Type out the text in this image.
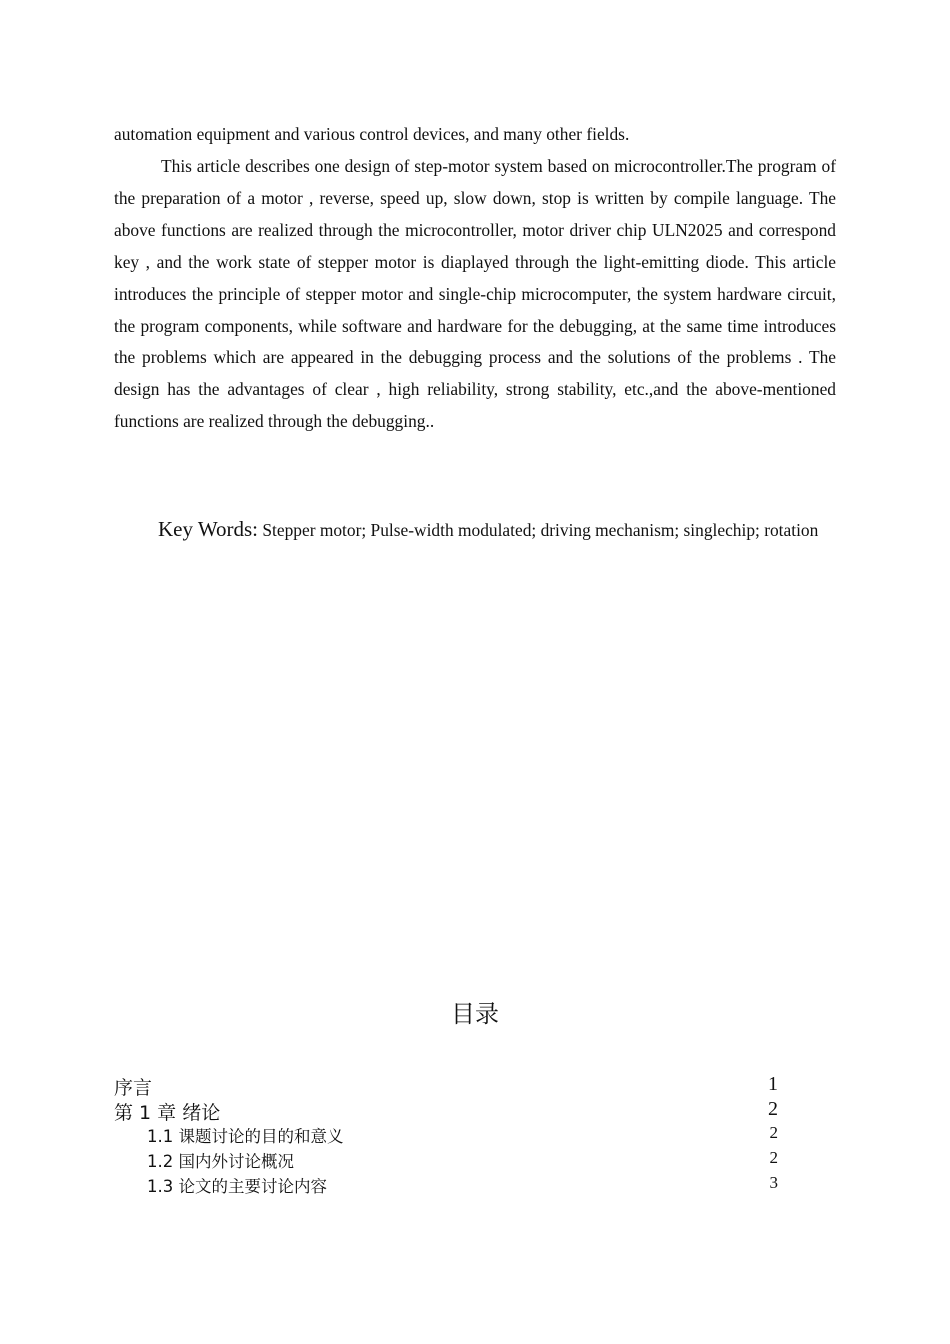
automation equipment and various control devices, and many other fields.

This article describes one design of step-motor system based on microcontroller.The program of the preparation of a motor , reverse, speed up, slow down, stop is written by compile language. The above functions are realized through the microcontroller, motor driver chip ULN2025 and correspond key , and the work state of stepper motor is diaplayed through the light-emitting diode. This article introduces the principle of stepper motor and single-chip microcomputer, the system hardware circuit, the program components, while software and hardware for the debugging, at the same time introduces the problems which are appeared in the debugging process and the solutions of the problems . The design has the advantages of clear , high reliability, strong stability, etc.,and the above-mentioned functions are realized through the debugging..

Key Words: Stepper motor; Pulse-width modulated; driving mechanism; singlechip; rotation

目录
序言	1
第 1 章 绪论	2
1.1 课题讨论的目的和意义	2
1.2 国内外讨论概况	2
1.3 论文的主要讨论内容	3
